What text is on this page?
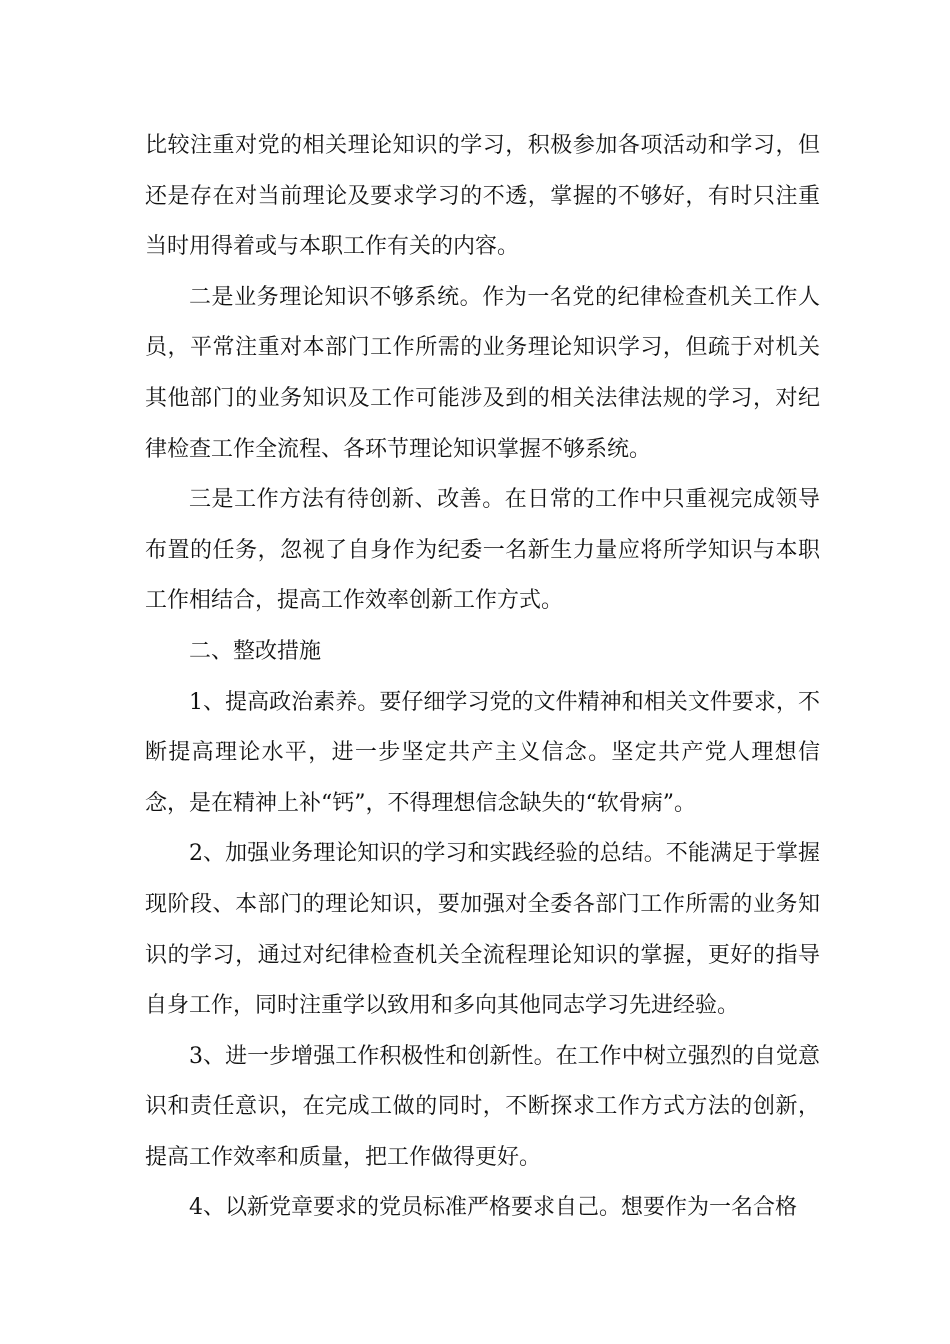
比较注重对党的相关理论知识的学习，积极参加各项活动和学习，但还是存在对当前理论及要求学习的不透，掌握的不够好，有时只注重当时用得着或与本职工作有关的内容。

二是业务理论知识不够系统。作为一名党的纪律检查机关工作人员，平常注重对本部门工作所需的业务理论知识学习，但疏于对机关其他部门的业务知识及工作可能涉及到的相关法律法规的学习，对纪律检查工作全流程、各环节理论知识掌握不够系统。

三是工作方法有待创新、改善。在日常的工作中只重视完成领导布置的任务，忽视了自身作为纪委一名新生力量应将所学知识与本职工作相结合，提高工作效率创新工作方式。

二、整改措施

1、提高政治素养。要仔细学习党的文件精神和相关文件要求，不断提高理论水平，进一步坚定共产主义信念。坚定共产党人理想信念，是在精神上补“钙”，不得理想信念缺失的“软骨病”。

2、加强业务理论知识的学习和实践经验的总结。不能满足于掌握现阶段、本部门的理论知识，要加强对全委各部门工作所需的业务知识的学习，通过对纪律检查机关全流程理论知识的掌握，更好的指导自身工作，同时注重学以致用和多向其他同志学习先进经验。

3、进一步增强工作积极性和创新性。在工作中树立强烈的自觉意识和责任意识，在完成工做的同时，不断探求工作方式方法的创新，提高工作效率和质量，把工作做得更好。

4、以新党章要求的党员标准严格要求自己。想要作为一名合格
